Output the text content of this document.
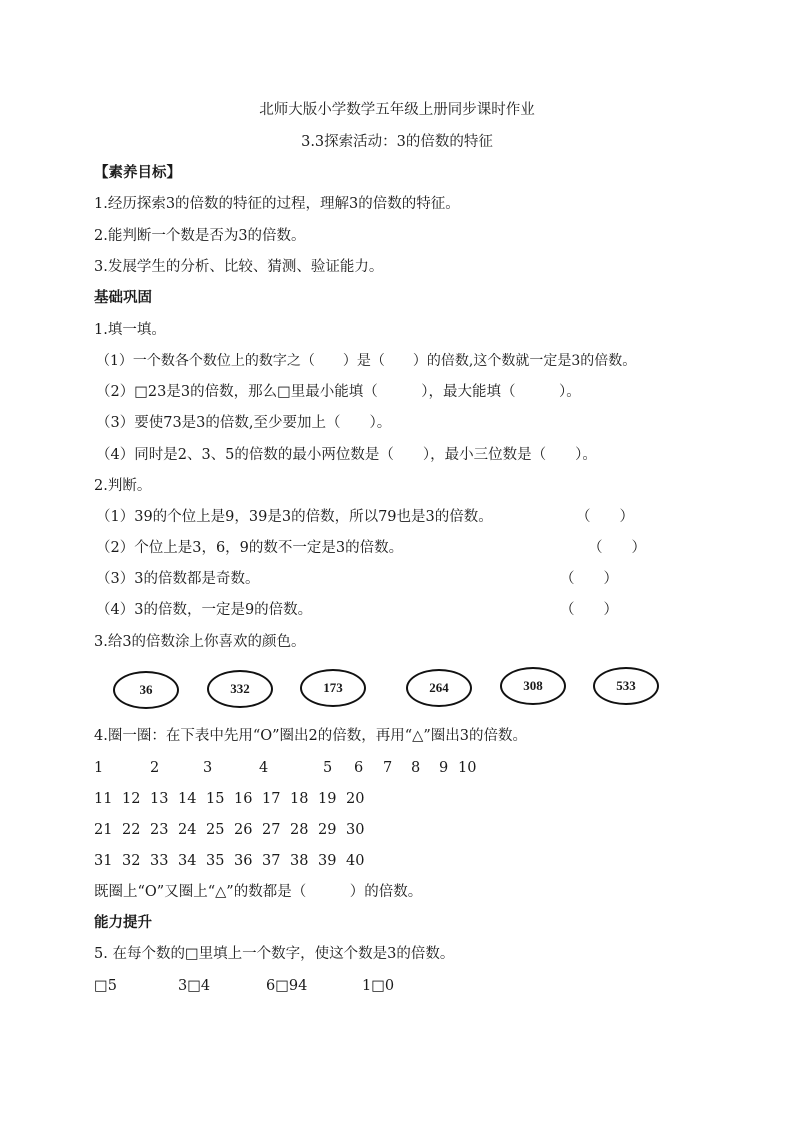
北师大版小学数学五年级上册同步课时作业
3.3探索活动：3的倍数的特征
【素养目标】
1.经历探索3的倍数的特征的过程，理解3的倍数的特征。
2.能判断一个数是否为3的倍数。
3.发展学生的分析、比较、猜测、验证能力。
基础巩固
1.填一填。
（1）一个数各个数位上的数字之（　　）是（　　）的倍数,这个数就一定是3的倍数。
（2）□23是3的倍数，那么□里最小能填（　　　），最大能填（　　　）。
（3）要使73是3的倍数,至少要加上（　　）。
（4）同时是2、3、5的倍数的最小两位数是（　　），最小三位数是（　　）。
2.判断。
（1）39的个位上是9，39是3的倍数，所以79也是3的倍数。	（　　）
（2）个位上是3，6，9的数不一定是3的倍数。	（　　）
（3）3的倍数都是奇数。	（　　）
（4）3的倍数，一定是9的倍数。	（　　）
3.给3的倍数涂上你喜欢的颜色。
36	332	173	264	308	533
4.圈一圈：在下表中先用“O”圈出2的倍数，再用“△”圈出3的倍数。
1	2	3	4	5 6 7 8 9 10
11 12 13 14 15 16 17 18 19 20
21 22 23 24 25 26 27 28 29 30
31 32 33 34 35 36 37 38 39 40
既圈上“O”又圈上“△”的数都是（　　　）的倍数。
能力提升
5. 在每个数的□里填上一个数字，使这个数是3的倍数。
□5	3□4	6□94	1□0
